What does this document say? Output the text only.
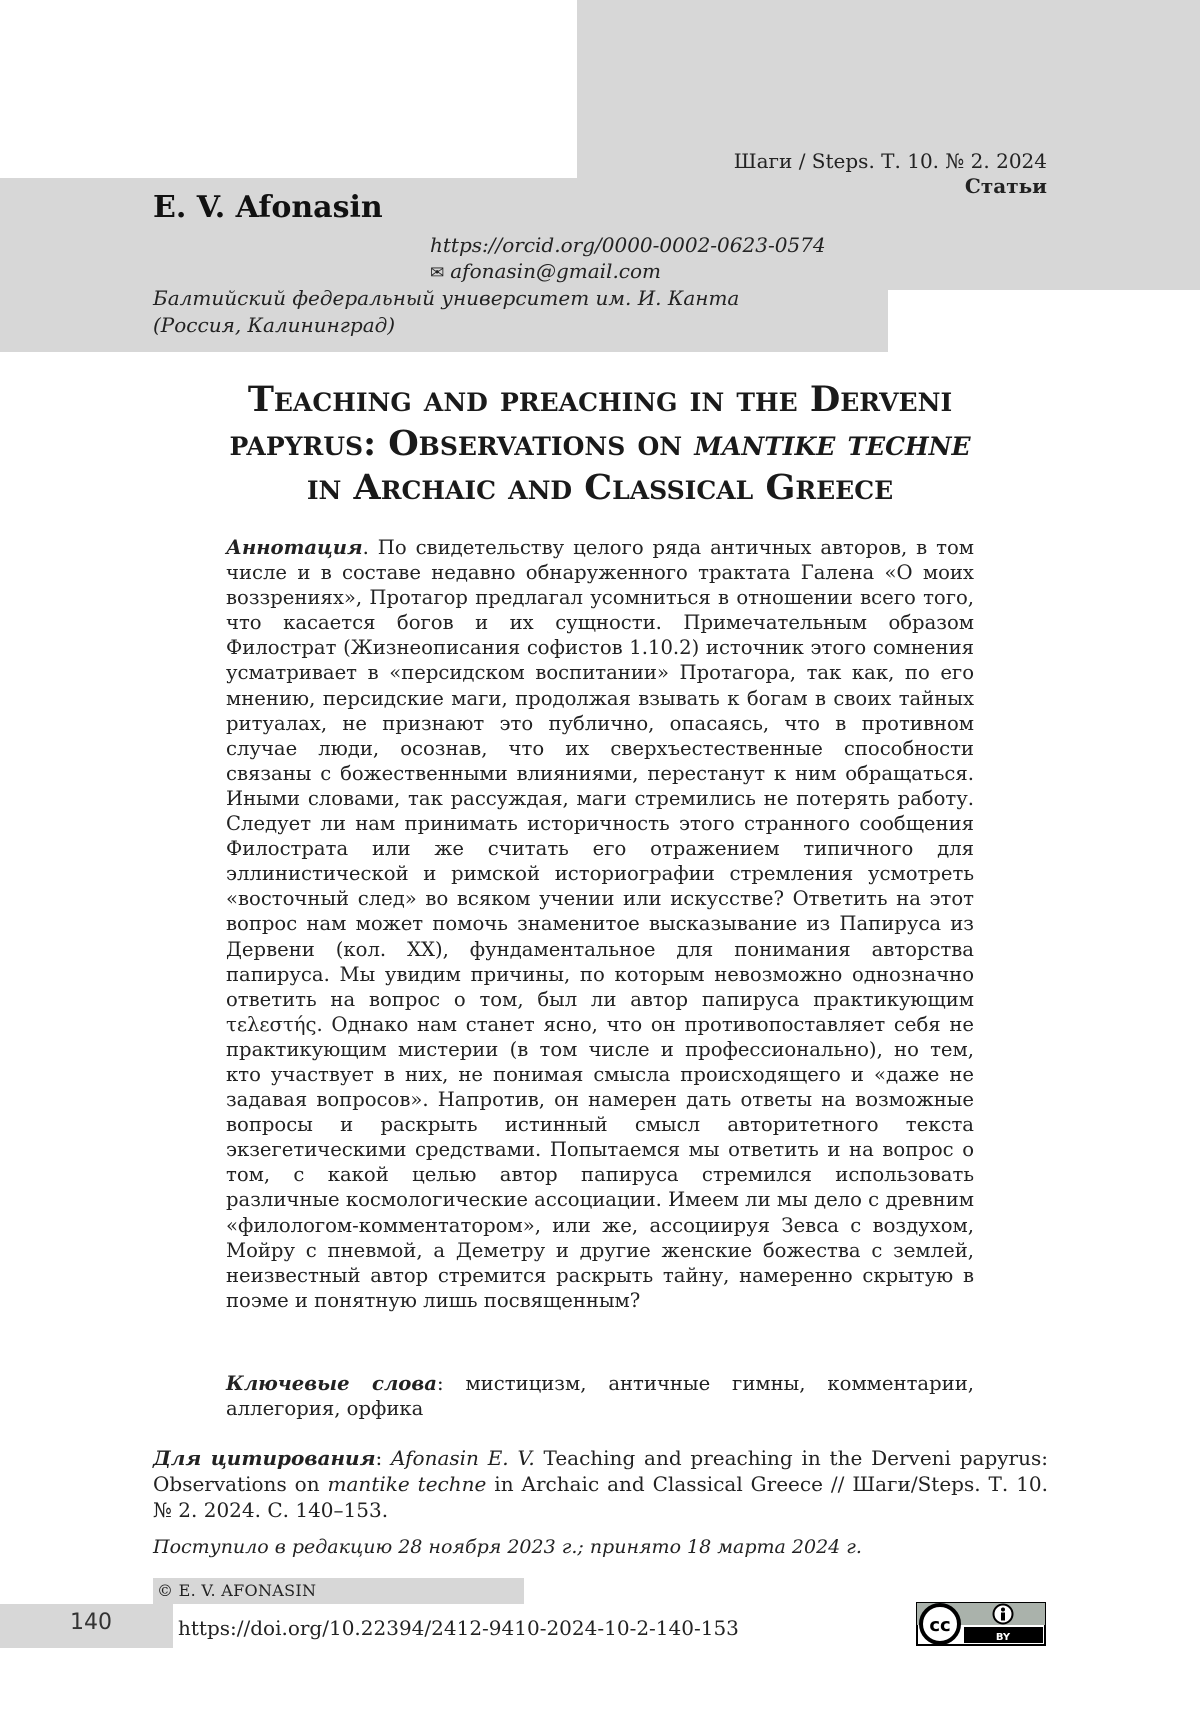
Шаги / Steps. Т. 10. № 2. 2024
Статьи
E. V. Afonasin
https://orcid.org/0000-0002-0623-0574
✉ afonasin@gmail.com
Балтийский федеральный университет им. И. Канта
(Россия, Калининград)
Teaching and preaching in the Derveni
papyrus: Observations on mantike techne
in Archaic and Classical Greece
Аннотация. По свидетельству целого ряда античных авторов, в том числе и в составе недавно обнаруженного трактата Галена «О моих воззрениях», Протагор предлагал усомниться в отношении всего того, что касается богов и их сущности. Примечательным образом Филострат (Жизнеописания софистов 1.10.2) источник этого сомнения усматривает в «персидском воспитании» Протагора, так как, по его мнению, персидские маги, продолжая взывать к богам в своих тайных ритуалах, не признают это публично, опасаясь, что в противном случае люди, осознав, что их сверхъестественные способности связаны с божественными влияниями, перестанут к ним обращаться. Иными словами, так рассуждая, маги стремились не потерять работу. Следует ли нам принимать историчность этого странного сообщения Филострата или же считать его отражением типичного для эллинистической и римской историографии стремления усмотреть «восточный след» во всяком учении или искусстве? Ответить на этот вопрос нам может помочь знаменитое высказывание из Папируса из Дервени (кол. XX), фундаментальное для понимания авторства папируса. Мы увидим причины, по которым невозможно однозначно ответить на вопрос о том, был ли автор папируса практикующим τελεστής. Однако нам станет ясно, что он противопоставляет себя не практикующим мистерии (в том числе и профессионально), но тем, кто участвует в них, не понимая смысла происходящего и «даже не задавая вопросов». Напротив, он намерен дать ответы на возможные вопросы и раскрыть истинный смысл авторитетного текста экзегетическими средствами. Попытаемся мы ответить и на вопрос о том, с какой целью автор папируса стремился использовать различные космологические ассоциации. Имеем ли мы дело с древним «филологом-комментатором», или же, ассоциируя Зевса с воздухом, Мойру с пневмой, а Деметру и другие женские божества с землей, неизвестный автор стремится раскрыть тайну, намеренно скрытую в поэме и понятную лишь посвященным?
Ключевые слова: мистицизм, античные гимны, комментарии, аллегория, орфика
Для цитирования: Afonasin E. V. Teaching and preaching in the Derveni papyrus: Observations on mantike techne in Archaic and Classical Greece // Шаги/Steps. Т. 10. № 2. 2024. С. 140–153.
Поступило в редакцию 28 ноября 2023 г.; принято 18 марта 2024 г.
© E. V. AFONASIN
140	https://doi.org/10.22394/2412-9410-2024-10-2-140-153	cc
BY
